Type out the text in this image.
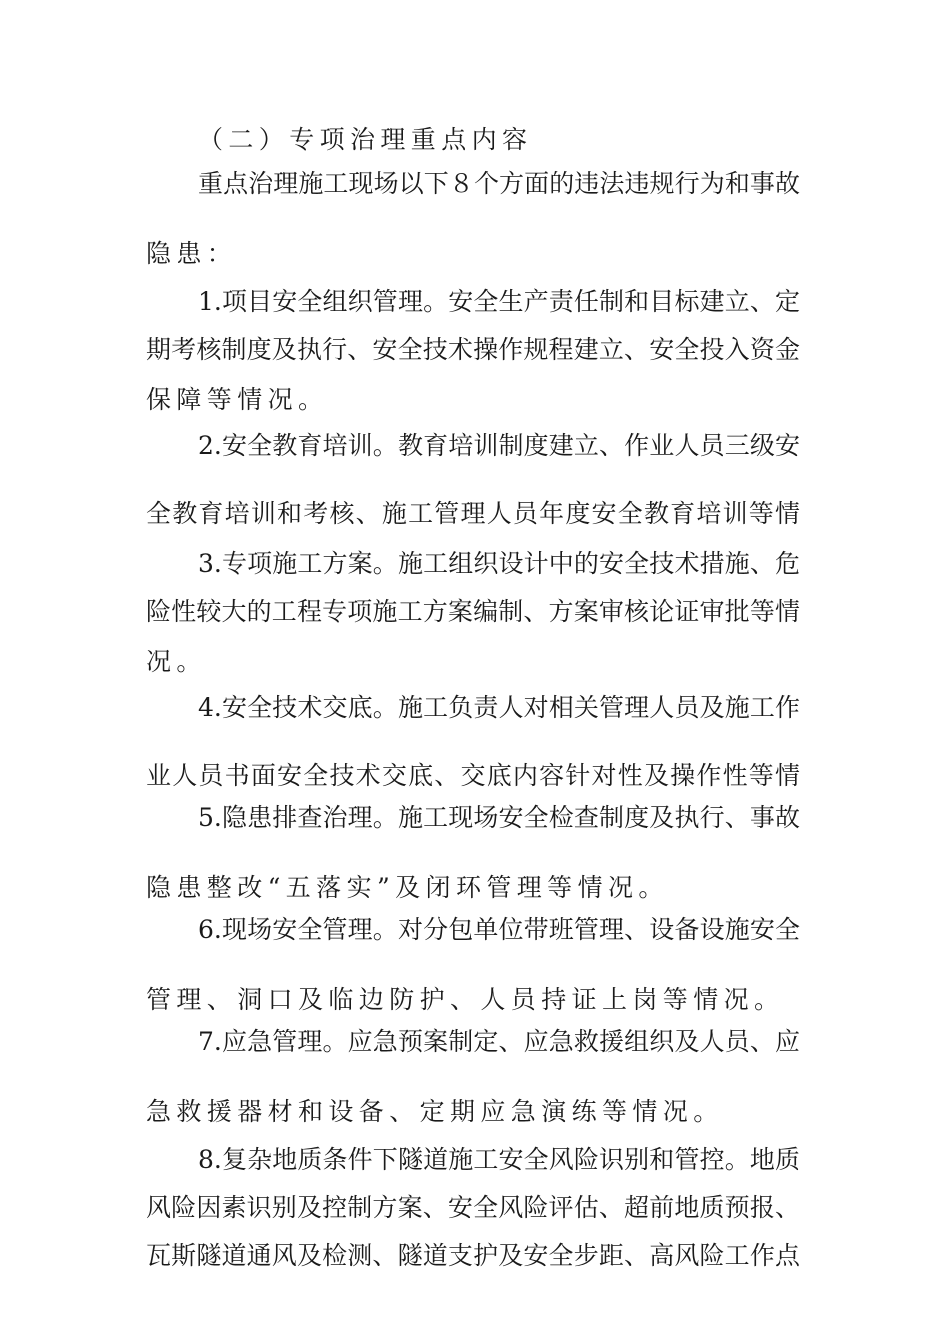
（二）专项治理重点内容
重点治理施工现场以下８个方面的违法违规行为和事故
隐患：
1.项目安全组织管理。安全生产责任制和目标建立、定
期考核制度及执行、安全技术操作规程建立、安全投入资金
保障等情况。
2.安全教育培训。教育培训制度建立、作业人员三级安
全教育培训和考核、施工管理人员年度安全教育培训等情
3.专项施工方案。施工组织设计中的安全技术措施、危
险性较大的工程专项施工方案编制、方案审核论证审批等情
况。
4.安全技术交底。施工负责人对相关管理人员及施工作
业人员书面安全技术交底、交底内容针对性及操作性等情
5.隐患排查治理。施工现场安全检查制度及执行、事故
隐患整改“五落实”及闭环管理等情况。
6.现场安全管理。对分包单位带班管理、设备设施安全
管理、洞口及临边防护、人员持证上岗等情况。
7.应急管理。应急预案制定、应急救援组织及人员、应
急救援器材和设备、定期应急演练等情况。
8.复杂地质条件下隧道施工安全风险识别和管控。地质
风险因素识别及控制方案、安全风险评估、超前地质预报、
瓦斯隧道通风及检测、隧道支护及安全步距、高风险工作点
